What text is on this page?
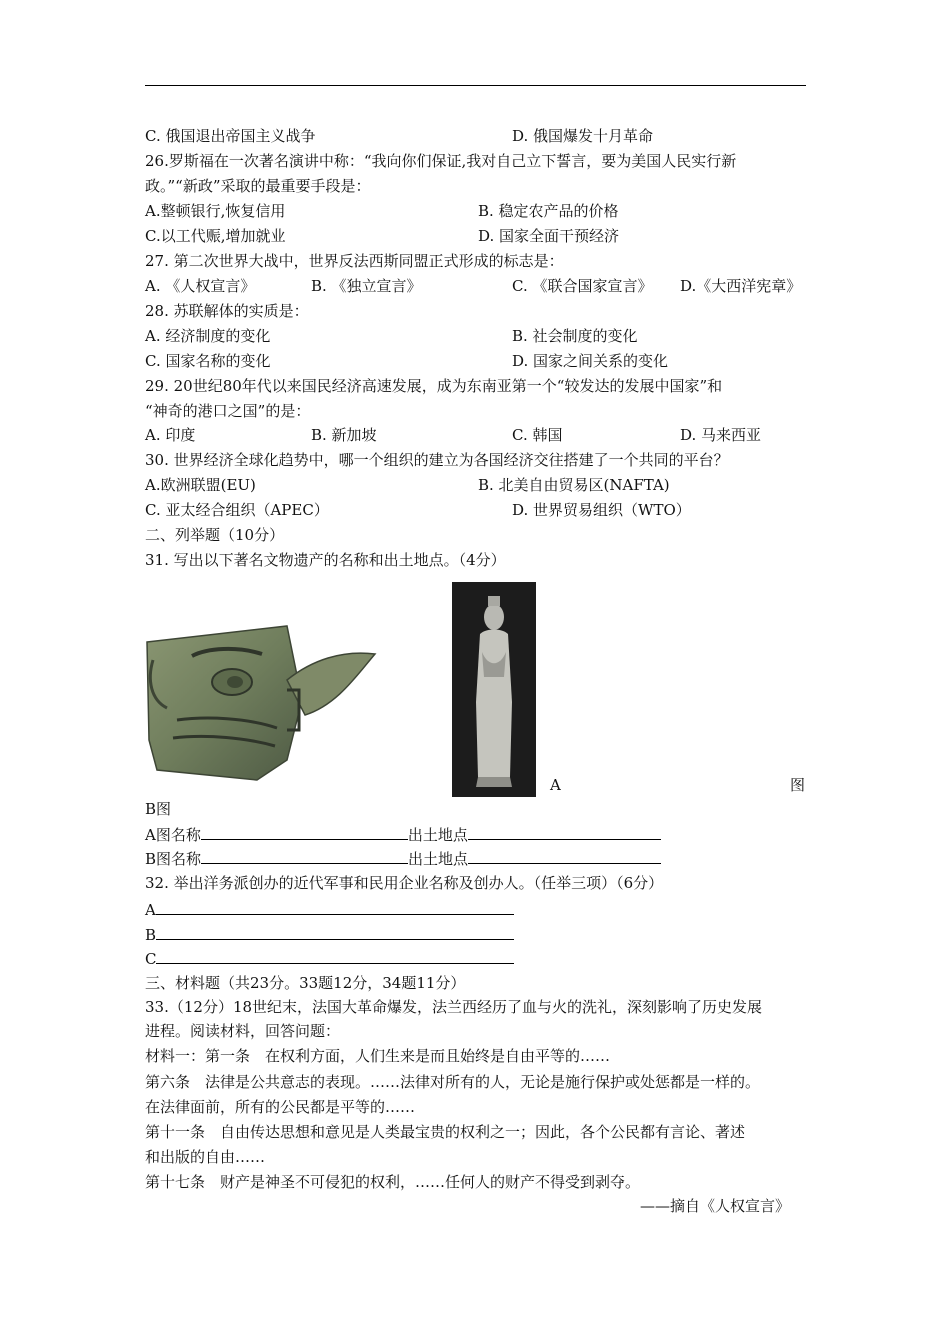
C. 俄国退出帝国主义战争	D. 俄国爆发十月革命
26.罗斯福在一次著名演讲中称：“我向你们保证,我对自己立下誓言，要为美国人民实行新
政。”“新政”采取的最重要手段是：
A.整顿银行,恢复信用	B. 稳定农产品的价格
C.以工代赈,增加就业	D. 国家全面干预经济
27. 第二次世界大战中，世界反法西斯同盟正式形成的标志是：
A. 《人权宣言》	B. 《独立宣言》	C. 《联合国家宣言》 D.《大西洋宪章》
28. 苏联解体的实质是：
A. 经济制度的变化	B. 社会制度的变化
C. 国家名称的变化	D. 国家之间关系的变化
29. 20世纪80年代以来国民经济高速发展，成为东南亚第一个“较发达的发展中国家”和
“神奇的港口之国”的是：
A. 印度	B. 新加坡	C. 韩国	D. 马来西亚
30. 世界经济全球化趋势中，哪一个组织的建立为各国经济交往搭建了一个共同的平台？
A.欧洲联盟(EU)	B. 北美自由贸易区(NAFTA)
C. 亚太经合组织（APEC）	D. 世界贸易组织（WTO）
二、列举题（10分）
31. 写出以下著名文物遗产的名称和出土地点。（4分）
A	图
B图
A图名称	出土地点
B图名称	出土地点
32. 举出洋务派创办的近代军事和民用企业名称及创办人。（任举三项）（6分）
A
B
C
三、材料题（共23分。33题12分，34题11分）
33.（12分）18世纪末，法国大革命爆发，法兰西经历了血与火的洗礼，深刻影响了历史发展
进程。阅读材料，回答问题：
材料一：第一条　在权利方面，人们生来是而且始终是自由平等的……
第六条　法律是公共意志的表现。……法律对所有的人，无论是施行保护或处惩都是一样的。
在法律面前，所有的公民都是平等的……
第十一条　自由传达思想和意见是人类最宝贵的权利之一；因此，各个公民都有言论、著述
和出版的自由……
第十七条　财产是神圣不可侵犯的权利，……任何人的财产不得受到剥夺。
——摘自《人权宣言》
